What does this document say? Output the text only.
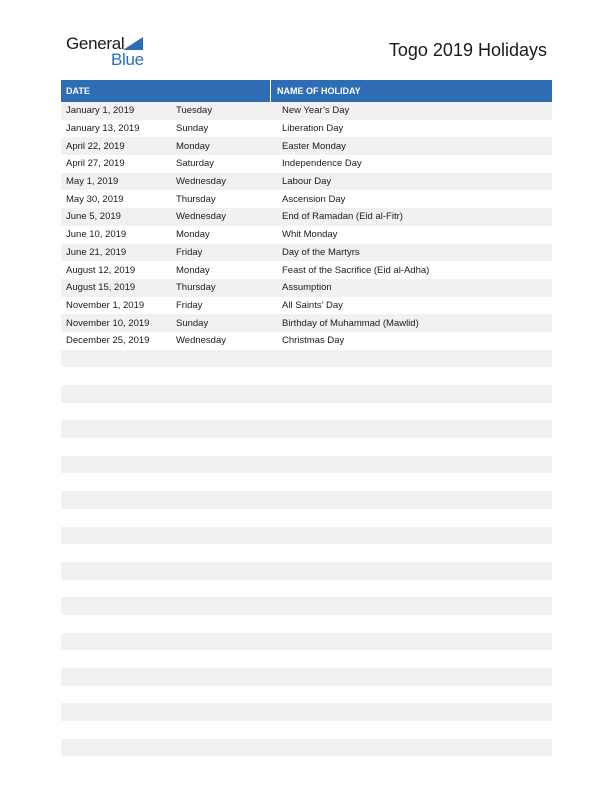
General
Blue	Togo 2019 Holidays
DATE	NAME OF HOLIDAY
January 1, 2019	Tuesday	New Year’s Day
January 13, 2019	Sunday	Liberation Day
April 22, 2019	Monday	Easter Monday
April 27, 2019	Saturday	Independence Day
May 1, 2019	Wednesday	Labour Day
May 30, 2019	Thursday	Ascension Day
June 5, 2019	Wednesday	End of Ramadan (Eid al-Fitr)
June 10, 2019	Monday	Whit Monday
June 21, 2019	Friday	Day of the Martyrs
August 12, 2019	Monday	Feast of the Sacrifice (Eid al-Adha)
August 15, 2019	Thursday	Assumption
November 1, 2019	Friday	All Saints’ Day
November 10, 2019	Sunday	Birthday of Muhammad (Mawlid)
December 25, 2019	Wednesday	Christmas Day
